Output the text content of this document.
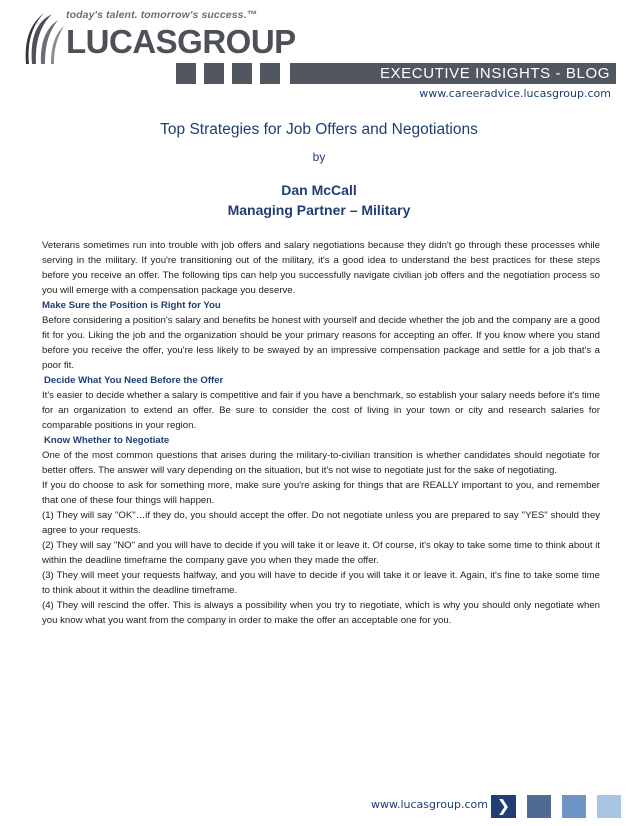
today's talent. tomorrow's success.™
LUCASGROUP
EXECUTIVE INSIGHTS - BLOG
www.careeradvice.lucasgroup.com
Top Strategies for Job Offers and Negotiations
by
Dan McCall
Managing Partner – Military

Veterans sometimes run into trouble with job offers and salary negotiations because they didn't go through these processes while serving in the military. If you're transitioning out of the military, it's a good idea to understand the best practices for these steps before you receive an offer. The following tips can help you successfully navigate civilian job offers and the negotiation process so you will emerge with a compensation package you deserve.

Make Sure the Position is Right for You

Before considering a position's salary and benefits be honest with yourself and decide whether the job and the company are a good fit for you. Liking the job and the organization should be your primary reasons for accepting an offer. If you know where you stand before you receive the offer, you're less likely to be swayed by an impressive compensation package and settle for a job that's a poor fit.

Decide What You Need Before the Offer

It's easier to decide whether a salary is competitive and fair if you have a benchmark, so establish your salary needs before it's time for an organization to extend an offer. Be sure to consider the cost of living in your town or city and research salaries for comparable positions in your region.

Know Whether to Negotiate

One of the most common questions that arises during the military-to-civilian transition is whether candidates should negotiate for better offers. The answer will vary depending on the situation, but it's not wise to negotiate just for the sake of negotiating.

If you do choose to ask for something more, make sure you're asking for things that are REALLY important to you, and remember that one of these four things will happen.

(1) They will say "OK"…if they do, you should accept the offer. Do not negotiate unless you are prepared to say "YES" should they agree to your requests.

(2) They will say "NO" and you will have to decide if you will take it or leave it. Of course, it's okay to take some time to think about it within the deadline timeframe the company gave you when they made the offer.

(3) They will meet your requests halfway, and you will have to decide if you will take it or leave it. Again, it's fine to take some time to think about it within the deadline timeframe.

(4) They will rescind the offer. This is always a possibility when you try to negotiate, which is why you should only negotiate when you know what you want from the company in order to make the offer an acceptable one for you.

www.lucasgroup.com ❯
